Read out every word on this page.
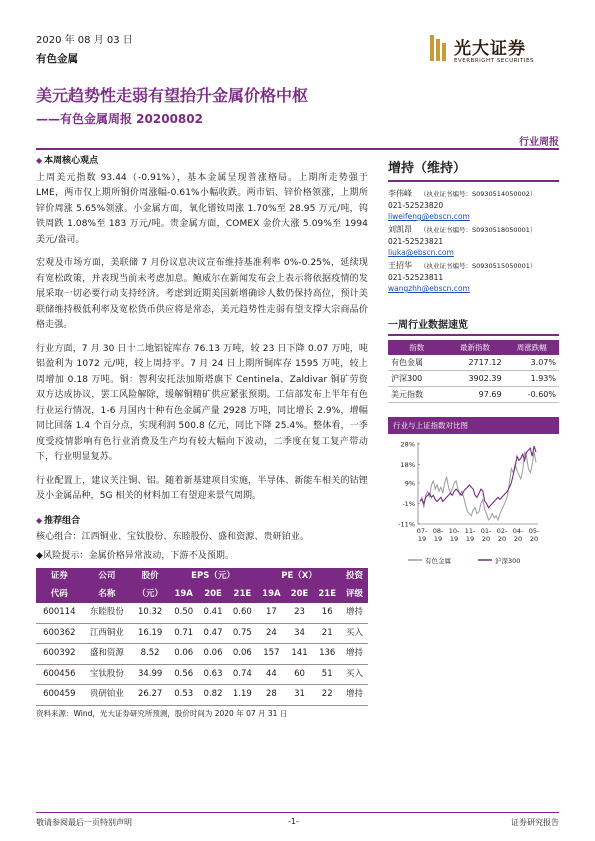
2020 年 08 月 03 日
有色金属	光大证券
EVERBRIGHT SECURITIES
美元趋势性走弱有望抬升金属价格中枢
——有色金属周报 20200802
行业周报
◆ 本周核心观点

上周美元指数 93.44（-0.91%），基本金属呈现普涨格局。上期所走势强于 LME，两市仅上期所铜价周涨幅-0.61%小幅收跌。两市铝、锌价格领涨，上期所锌价周涨 5.65%领涨。小金属方面，氧化镨钕周涨 1.70%至 28.95 万元/吨，钨铁周跌 1.08%至 183 万元/吨。贵金属方面，COMEX 金价大涨 5.09%至 1994 美元/盎司。

宏观及市场方面，美联储 7 月份议息决议宣布维持基准利率 0%-0.25%，延续现有宽松政策，并表现当前未考虑加息。鲍威尔在新闻发布会上表示将依据疫情的发展采取一切必要行动支持经济。考虑到近期美国新增确诊人数仍保持高位，预计美联储维持极低利率及宽松货币供应将是常态，美元趋势性走弱有望支撑大宗商品价格走强。

行业方面，7 月 30 日十二地铝锭库存 76.13 万吨，较 23 日下降 0.07 万吨，吨铝盈利为 1072 元/吨，较上周持平。7 月 24 日上期所铜库存 1595 万吨，较上周增加 0.18 万吨。铜：智利安托法加斯塔旗下 Centinela、Zaldivar 铜矿劳资双方达成协议，罢工风险解除，缓解铜精矿供应紧张预期。工信部发布上半年有色行业运行情况，1-6 月国内十种有色金属产量 2928 万吨，同比增长 2.9%，增幅同比回落 1.4 个百分点，实现利润 500.8 亿元，同比下降 25.4%。整体看，一季度受疫情影响有色行业消费及生产均有较大幅向下波动，二季度在复工复产带动下，行业明显复苏。

行业配置上，建议关注铜、铝。随着新基建项目实施，半导体、新能车相关的钴锂及小金属品种，5G 相关的材料加工有望迎来景气周期。

◆ 推荐组合

核心组合：江西铜业、宝钛股份、东睦股份、盛和资源、贵研铂业。

◆风险提示：金属价格异常波动，下游不及预期。

证券	公司	股价	EPS（元）			PE（X）			投资
代码	名称	（元）	19A	20E	21E	19A	20E	21E	评级
600114	东睦股份	10.32	0.50	0.41	0.60	17	23	16	增持
600362	江西铜业	16.19	0.71	0.47	0.75	24	34	21	买入
600392	盛和资源	8.52	0.06	0.06	0.06	157	141	136	增持
600456	宝钛股份	34.99	0.56	0.63	0.74	44	60	51	买入
600459	贵研铂业	26.27	0.53	0.82	1.19	28	31	22	增持
资料来源：Wind，光大证券研究所预测，股价时间为 2020 年 07 月 31 日
增持（维持）
李伟峰 （执业证书编号：S0930514050002）
021-52523820
liweifeng@ebscn.com
刘凯昂 （执业证书编号：S0930518050001）
021-52523821
liuka@ebscn.com
王招华 （执业证书编号：S0930515050001）
021-52523811
wangzhh@ebscn.com
一周行业数据速览
指数	最新指数	周涨跌幅
有色金属	2717.12	3.07%
沪深300	3902.39	1.93%
美元指数	97.69	-0.60%
行业与上证指数对比图
28%
18%
9%
-1%
-11%
07-19
08-19
10-19
11-19
01-20
02-20
04-20
05-20
有色金属	沪深300
敬请参阅最后一页特别声明	-1-	证券研究报告
